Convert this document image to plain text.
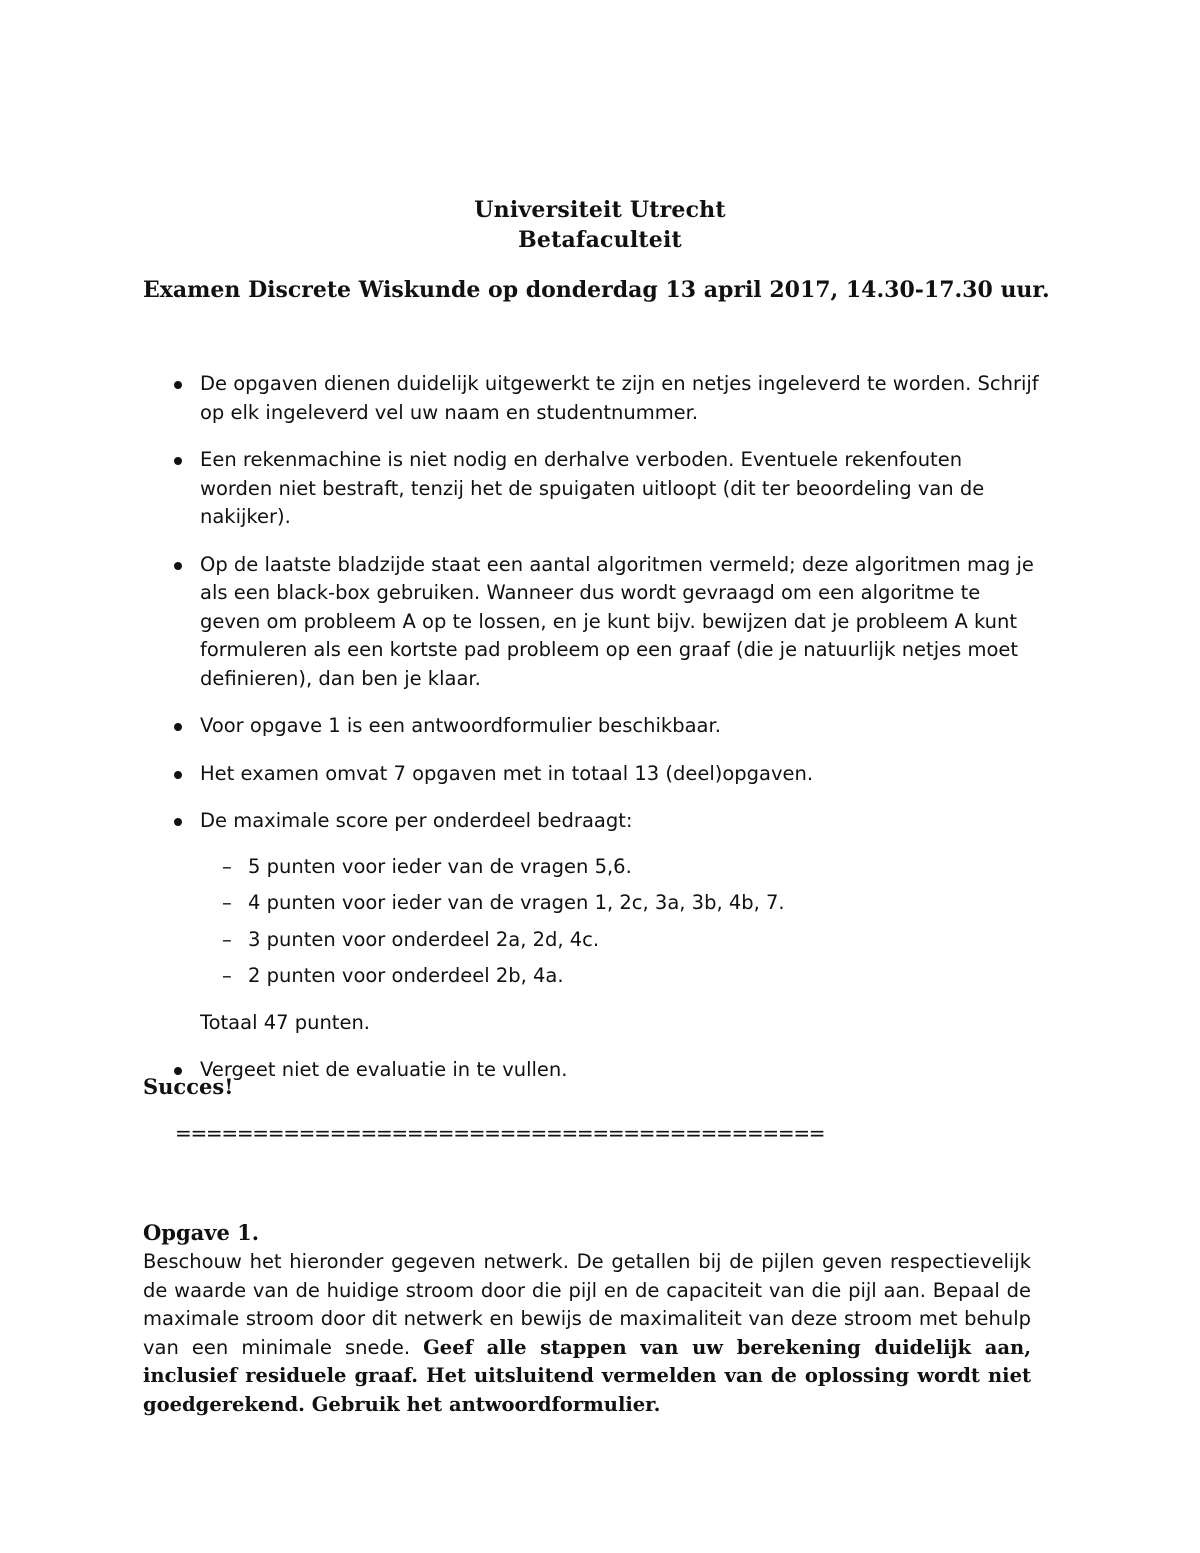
Universiteit Utrecht
Betafaculteit
Examen Discrete Wiskunde op donderdag 13 april 2017, 14.30-17.30 uur.
De opgaven dienen duidelijk uitgewerkt te zijn en netjes ingeleverd te worden. Schrijf op elk ingeleverd vel uw naam en studentnummer.
Een rekenmachine is niet nodig en derhalve verboden. Eventuele rekenfouten worden niet bestraft, tenzij het de spuigaten uitloopt (dit ter beoordeling van de nakijker).
Op de laatste bladzijde staat een aantal algoritmen vermeld; deze algoritmen mag je als een black-box gebruiken. Wanneer dus wordt gevraagd om een algoritme te geven om probleem A op te lossen, en je kunt bijv. bewijzen dat je probleem A kunt formuleren als een kortste pad probleem op een graaf (die je natuurlijk netjes moet definieren), dan ben je klaar.
Voor opgave 1 is een antwoordformulier beschikbaar.
Het examen omvat 7 opgaven met in totaal 13 (deel)opgaven.
De maximale score per onderdeel bedraagt:
– 5 punten voor ieder van de vragen 5,6.
– 4 punten voor ieder van de vragen 1, 2c, 3a, 3b, 4b, 7.
– 3 punten voor onderdeel 2a, 2d, 4c.
– 2 punten voor onderdeel 2b, 4a.
Totaal 47 punten.
Vergeet niet de evaluatie in te vullen.
Succes!
==========================================
Opgave 1.
Beschouw het hieronder gegeven netwerk. De getallen bij de pijlen geven respectievelijk de waarde van de huidige stroom door die pijl en de capaciteit van die pijl aan. Bepaal de maximale stroom door dit netwerk en bewijs de maximaliteit van deze stroom met behulp van een minimale snede. Geef alle stappen van uw berekening duidelijk aan, inclusief residuele graaf. Het uitsluitend vermelden van de oplossing wordt niet goedgerekend. Gebruik het antwoordformulier.
